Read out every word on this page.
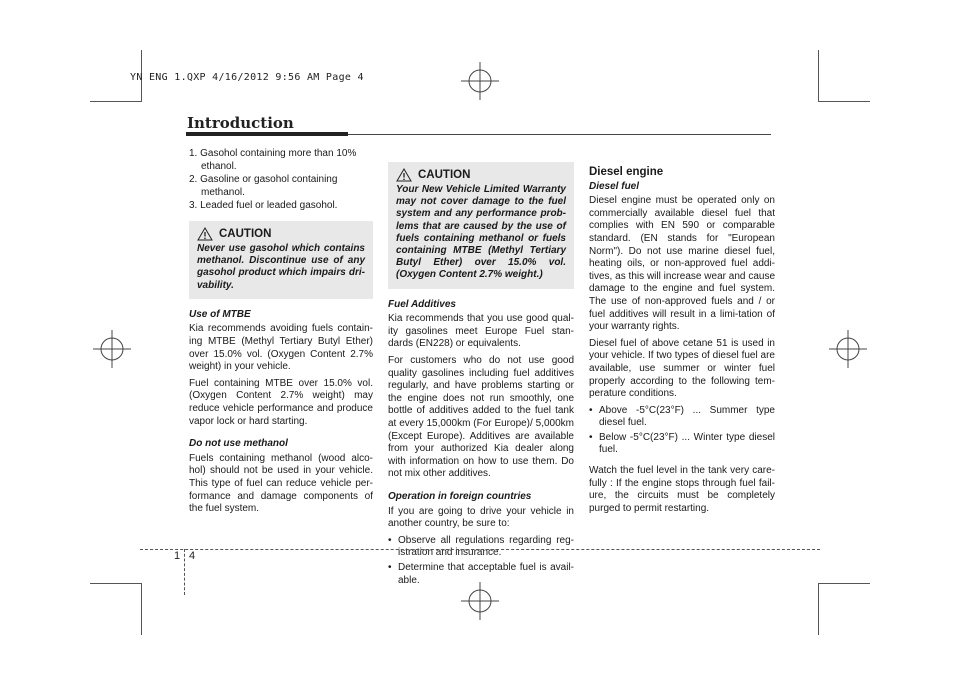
YN ENG 1.QXP 4/16/2012 9:56 AM Page 4
Introduction
1. Gasohol containing more than 10% ethanol.
2. Gasoline or gasohol containing methanol.
3. Leaded fuel or leaded gasohol.
CAUTION
Never use gasohol which contains methanol. Discontinue use of any gasohol product which impairs dri-vability.
Use of MTBE

Kia recommends avoiding fuels contain-ing MTBE (Methyl Tertiary Butyl Ether) over 15.0% vol. (Oxygen Content 2.7% weight) in your vehicle.

Fuel containing MTBE over 15.0% vol. (Oxygen Content 2.7% weight) may reduce vehicle performance and produce vapor lock or hard starting.

Do not use methanol

Fuels containing methanol (wood alco-hol) should not be used in your vehicle. This type of fuel can reduce vehicle per-formance and damage components of the fuel system.

CAUTION
Your New Vehicle Limited Warranty may not cover damage to the fuel system and any performance prob-lems that are caused by the use of fuels containing methanol or fuels containing MTBE (Methyl Tertiary Butyl Ether) over 15.0% vol. (Oxygen Content 2.7% weight.)
Fuel Additives

Kia recommends that you use good qual-ity gasolines meet Europe Fuel stan-dards (EN228) or equivalents.

For customers who do not use good quality gasolines including fuel additives regularly, and have problems starting or the engine does not run smoothly, one bottle of additives added to the fuel tank at every 15,000km (For Europe)/ 5,000km (Except Europe). Additives are available from your authorized Kia dealer along with information on how to use them. Do not mix other additives.

Operation in foreign countries

If you are going to drive your vehicle in another country, be sure to:

• Observe all regulations regarding reg-istration and insurance.
• Determine that acceptable fuel is avail-able.
Diesel engine
Diesel fuel

Diesel engine must be operated only on commercially available diesel fuel that complies with EN 590 or comparable standard. (EN stands for "European Norm"). Do not use marine diesel fuel, heating oils, or non-approved fuel addi-tives, as this will increase wear and cause damage to the engine and fuel system. The use of non-approved fuels and / or fuel additives will result in a limi-tation of your warranty rights.

Diesel fuel of above cetane 51 is used in your vehicle. If two types of diesel fuel are available, use summer or winter fuel properly according to the following tem-perature conditions.

• Above -5°C(23°F) ... Summer type diesel fuel.
• Below -5°C(23°F) ... Winter type diesel fuel.

Watch the fuel level in the tank very care-fully : If the engine stops through fuel fail-ure, the circuits must be completely purged to permit restarting.

1 4
